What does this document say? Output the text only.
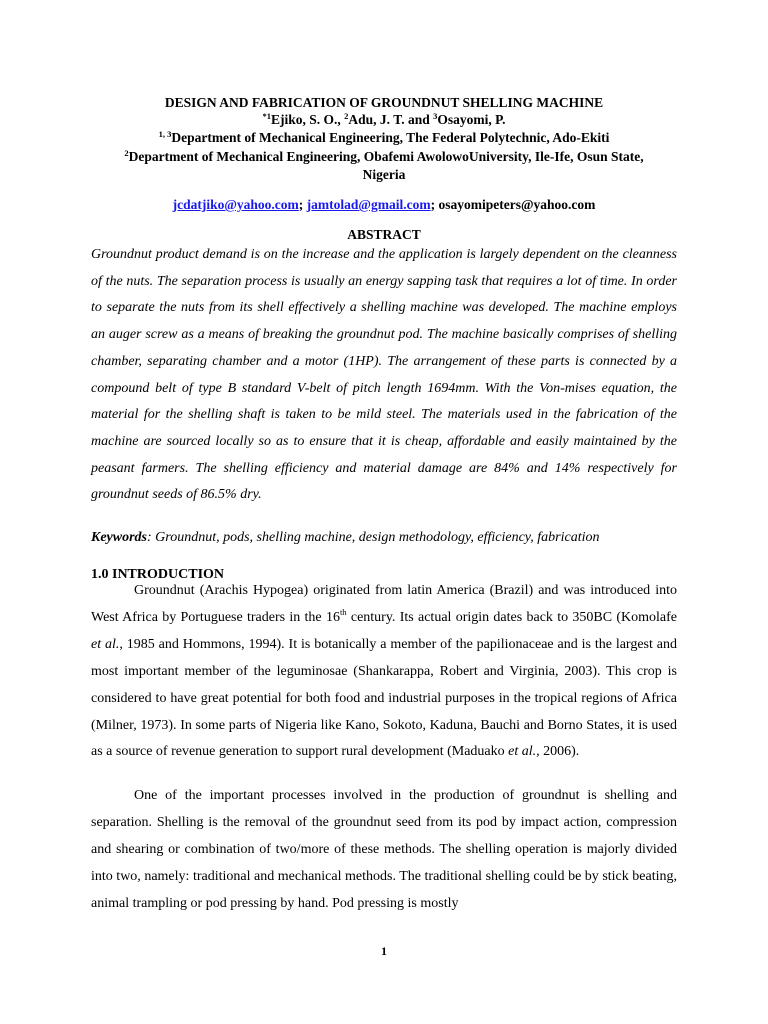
DESIGN AND FABRICATION OF GROUNDNUT SHELLING MACHINE
$^{*1}$Ejiko, S. O., $^2$Adu, J. T. and $^3$Osayomi, P.
$^{1, 3}$Department of Mechanical Engineering, The Federal Polytechnic, Ado-Ekiti
$^2$Department of Mechanical Engineering, Obafemi AwolowoUniversity, Ile-Ife, Osun State,
Nigeria
jcdatjiko@yahoo.com; jamtolad@gmail.com; osayomipeters@yahoo.com
ABSTRACT

Groundnut product demand is on the increase and the application is largely dependent on the cleanness of the nuts. The separation process is usually an energy sapping task that requires a lot of time. In order to separate the nuts from its shell effectively a shelling machine was developed. The machine employs an auger screw as a means of breaking the groundnut pod. The machine basically comprises of shelling chamber, separating chamber and a motor (1HP). The arrangement of these parts is connected by a compound belt of type B standard V-belt of pitch length 1694mm. With the Von-mises equation, the material for the shelling shaft is taken to be mild steel. The materials used in the fabrication of the machine are sourced locally so as to ensure that it is cheap, affordable and easily maintained by the peasant farmers. The shelling efficiency and material damage are 84% and 14% respectively for groundnut seeds of 86.5% dry.

Keywords: Groundnut, pods, shelling machine, design methodology, efficiency, fabrication
1.0 INTRODUCTION

Groundnut (Arachis Hypogea) originated from latin America (Brazil) and was introduced into West Africa by Portuguese traders in the 16th century. Its actual origin dates back to 350BC (Komolafe et al., 1985 and Hommons, 1994). It is botanically a member of the papilionaceae and is the largest and most important member of the leguminosae (Shankarappa, Robert and Virginia, 2003). This crop is considered to have great potential for both food and industrial purposes in the tropical regions of Africa (Milner, 1973). In some parts of Nigeria like Kano, Sokoto, Kaduna, Bauchi and Borno States, it is used as a source of revenue generation to support rural development (Maduako et al., 2006).

One of the important processes involved in the production of groundnut is shelling and separation. Shelling is the removal of the groundnut seed from its pod by impact action, compression and shearing or combination of two/more of these methods. The shelling operation is majorly divided into two, namely: traditional and mechanical methods. The traditional shelling could be by stick beating, animal trampling or pod pressing by hand. Pod pressing is mostly

1
